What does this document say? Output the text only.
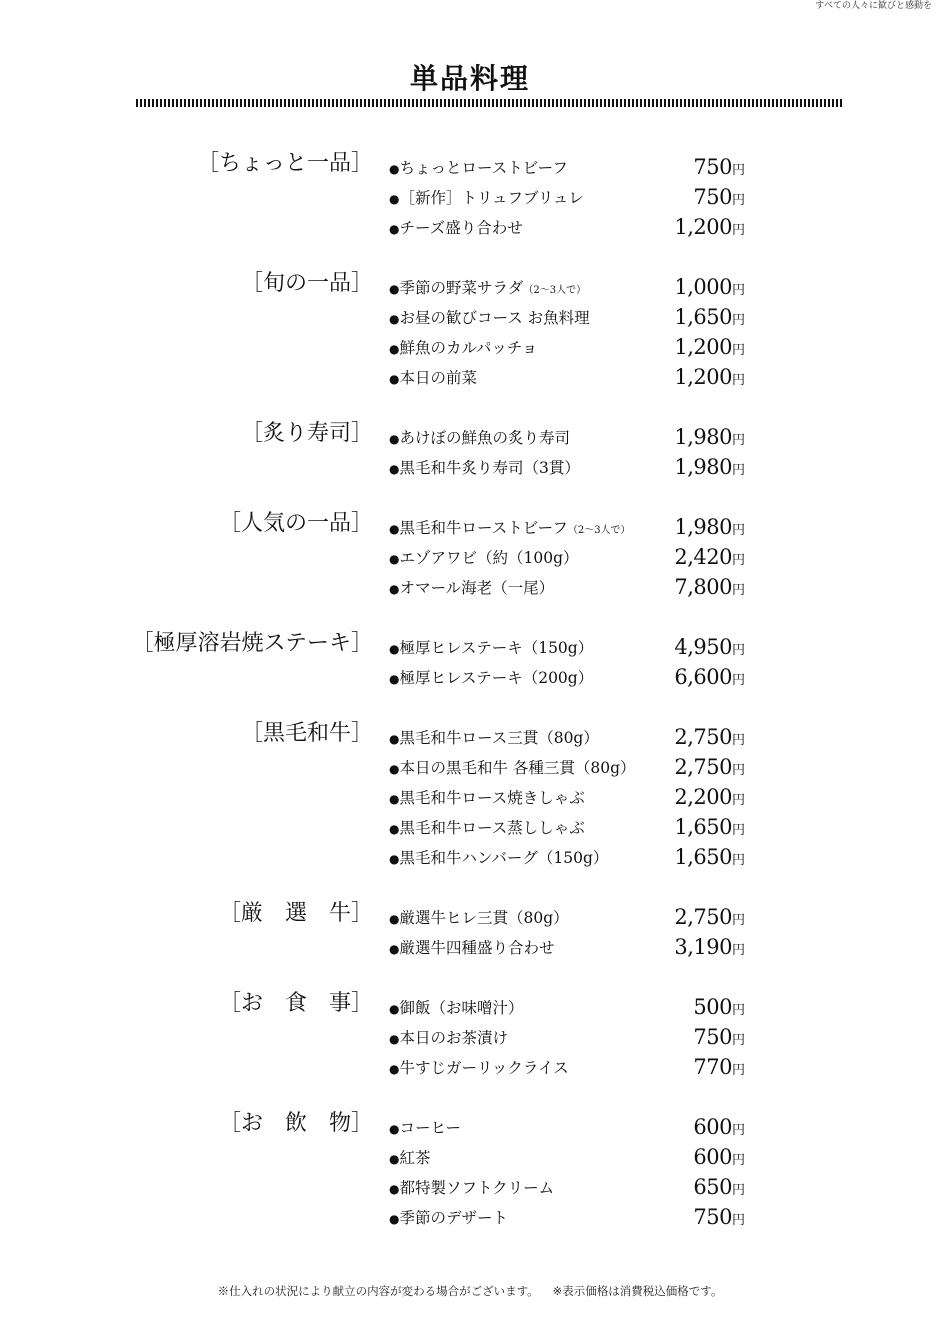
すべての人々に歓びと感動を
単品料理
［ちょっと一品］ ●ちょっとローストビーフ	750円
●［新作］トリュフブリュレ	750円
●チーズ盛り合わせ	1,200円
［旬の一品］ ●季節の野菜サラダ（2〜3人で）	1,000円
●お昼の歓びコース お魚料理	1,650円
●鮮魚のカルパッチョ	1,200円
●本日の前菜	1,200円
［炙り寿司］ ●あけぼの鮮魚の炙り寿司	1,980円
●黒毛和牛炙り寿司（3貫）	1,980円
［人気の一品］ ●黒毛和牛ローストビーフ（2〜3人で） 1,980円
●エゾアワビ（約（100g）	2,420円
●オマール海老（一尾）	7,800円
［極厚溶岩焼ステーキ］ ●極厚ヒレステーキ（150g）	4,950円
●極厚ヒレステーキ（200g）	6,600円
［黒毛和牛］ ●黒毛和牛ロース三貫（80g）	2,750円
●本日の黒毛和牛 各種三貫（80g） 2,750円
●黒毛和牛ロース焼きしゃぶ	2,200円
●黒毛和牛ロース蒸ししゃぶ	1,650円
●黒毛和牛ハンバーグ（150g）	1,650円
［厳　選　牛］ ●厳選牛ヒレ三貫（80g）	2,750円
●厳選牛四種盛り合わせ	3,190円
［お　食　事］ ●御飯（お味噌汁）	500円
●本日のお茶漬け	750円
●牛すじガーリックライス	770円
［お　飲　物］ ●コーヒー	600円
●紅茶	600円
●都特製ソフトクリーム	650円
●季節のデザート	750円
※仕入れの状況により献立の内容が変わる場合がございます。 ※表示価格は消費税込価格です。
